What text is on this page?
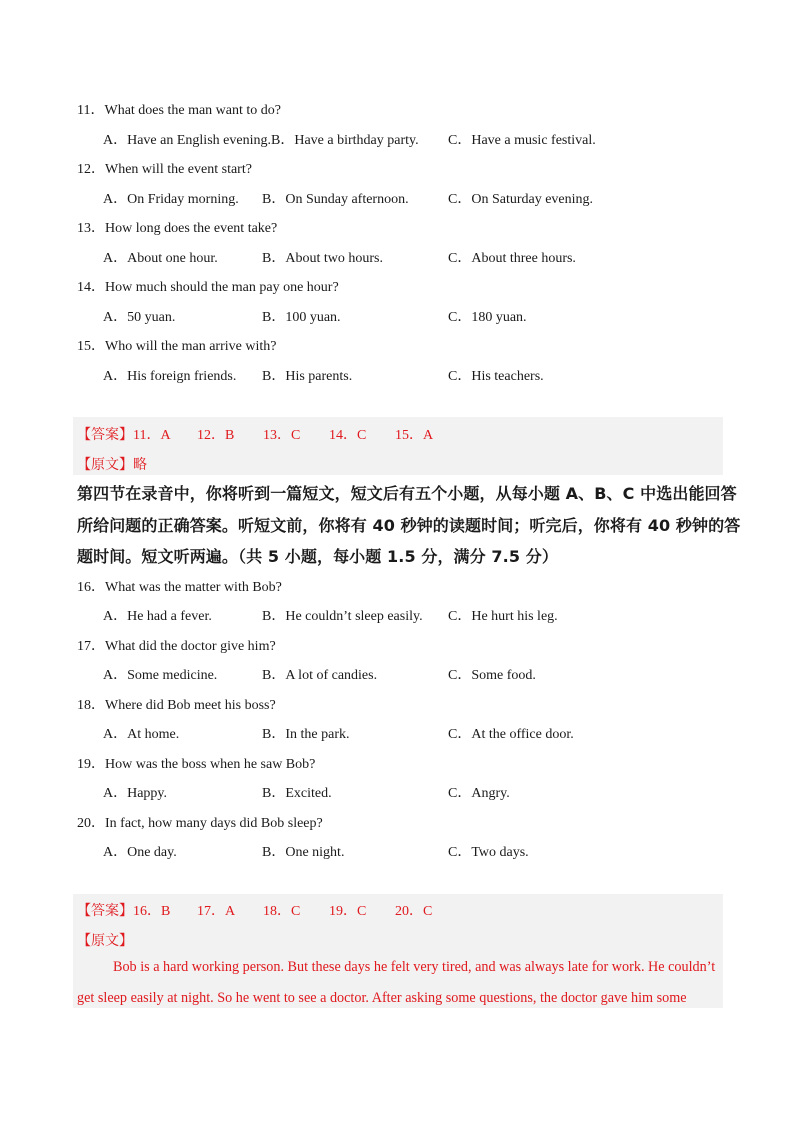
11．What does the man want to do?
A．Have an English evening. B．Have a birthday party. C．Have a music festival.
12．When will the event start?
A．On Friday morning. B．On Sunday afternoon.	C．On Saturday evening.
13．How long does the event take?
A．About one hour.	B．About two hours.	C．About three hours.
14．How much should the man pay one hour?
A．50 yuan.	B．100 yuan.	C．180 yuan.
15．Who will the man arrive with?
A．His foreign friends. B．His parents.	C．His teachers.
【答案】 11．A 12．B 13．C 14．C 15．A
【原文】 略
第四节在录音中，你将听到一篇短文，短文后有五个小题，从每小题 A、B、C 中选出能回答
所给问题的正确答案。听短文前，你将有 40 秒钟的读题时间；听完后，你将有 40 秒钟的答
题时间。短文听两遍。（共 5 小题，每小题 1.5 分，满分 7.5 分）
16．What was the matter with Bob?
A．He had a fever.	B．He couldn’t sleep easily. C．He hurt his leg.
17．What did the doctor give him?
A．Some medicine.	B．A lot of candies.	C．Some food.
18．Where did Bob meet his boss?
A．At home.	B．In the park.	C．At the office door.
19．How was the boss when he saw Bob?
A．Happy.	B．Excited.	C．Angry.
20．In fact, how many days did Bob sleep?
A．One day.	B．One night.	C．Two days.
【答案】 16．B 17．A 18．C 19．C 20．C
【原文】
Bob is a hard working person. But these days he felt very tired, and was always late for work. He couldn’t
get sleep easily at night. So he went to see a doctor. After asking some questions, the doctor gave him some
